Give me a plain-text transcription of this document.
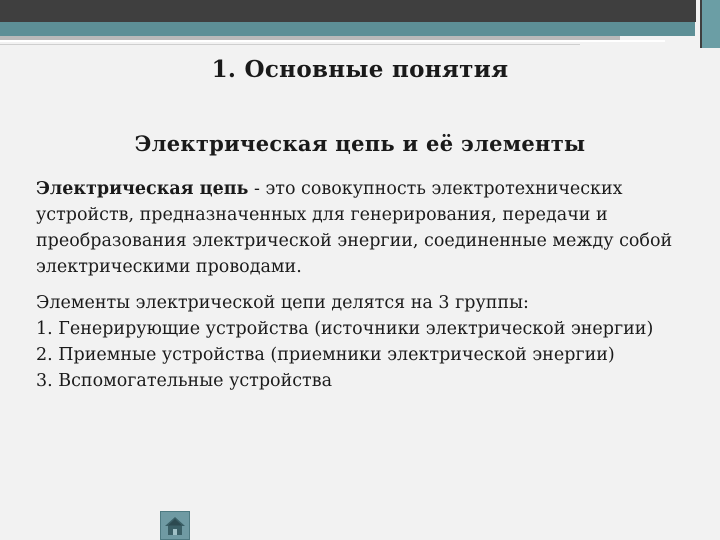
1. Основные понятия
Электрическая цепь и её элементы

Электрическая цепь - это совокупность электротехнических устройств, предназначенных для генерирования, передачи и преобразования электрической энергии, соединенные между собой электрическими проводами.

Элементы электрической цепи делятся на 3 группы:

1. Генерирующие устройства (источники электрической энергии)

2. Приемные устройства (приемники электрической энергии)

3. Вспомогательные устройства
